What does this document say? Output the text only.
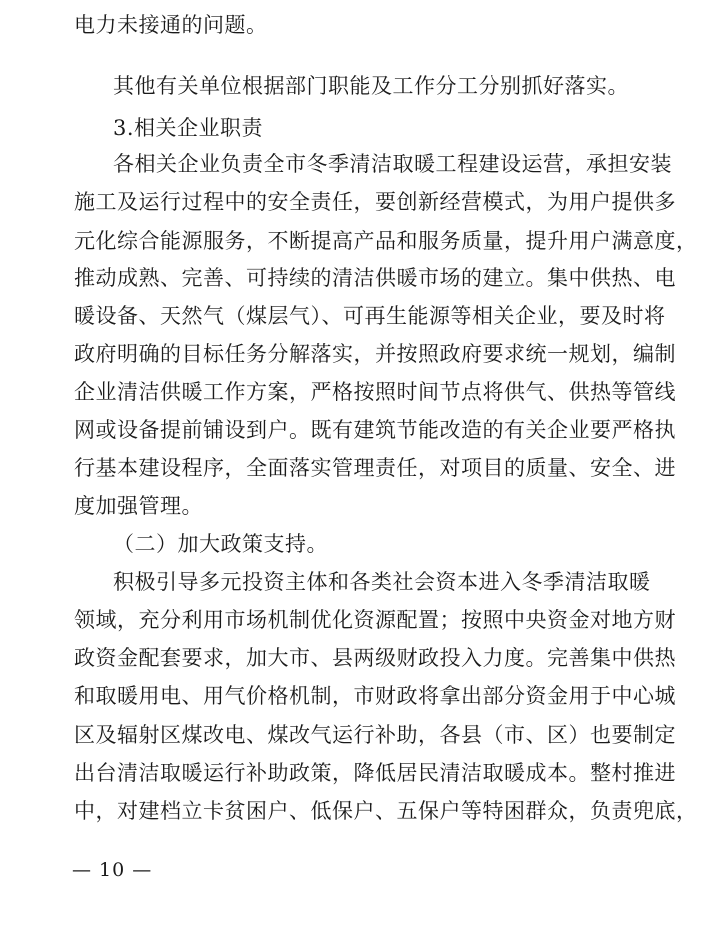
电力未接通的问题。
其他有关单位根据部门职能及工作分工分别抓好落实。
3.相关企业职责
各相关企业负责全市冬季清洁取暖工程建设运营，承担安装
施工及运行过程中的安全责任，要创新经营模式，为用户提供多
元化综合能源服务，不断提高产品和服务质量，提升用户满意度，
推动成熟、完善、可持续的清洁供暖市场的建立。集中供热、电
暖设备、天然气（煤层气）、可再生能源等相关企业，要及时将
政府明确的目标任务分解落实，并按照政府要求统一规划，编制
企业清洁供暖工作方案，严格按照时间节点将供气、供热等管线
网或设备提前铺设到户。既有建筑节能改造的有关企业要严格执
行基本建设程序，全面落实管理责任，对项目的质量、安全、进
度加强管理。
（二）加大政策支持。
积极引导多元投资主体和各类社会资本进入冬季清洁取暖
领域，充分利用市场机制优化资源配置；按照中央资金对地方财
政资金配套要求，加大市、县两级财政投入力度。完善集中供热
和取暖用电、用气价格机制，市财政将拿出部分资金用于中心城
区及辐射区煤改电、煤改气运行补助，各县（市、区）也要制定
出台清洁取暖运行补助政策，降低居民清洁取暖成本。整村推进
中，对建档立卡贫困户、低保户、五保户等特困群众，负责兜底，
— 10 —
